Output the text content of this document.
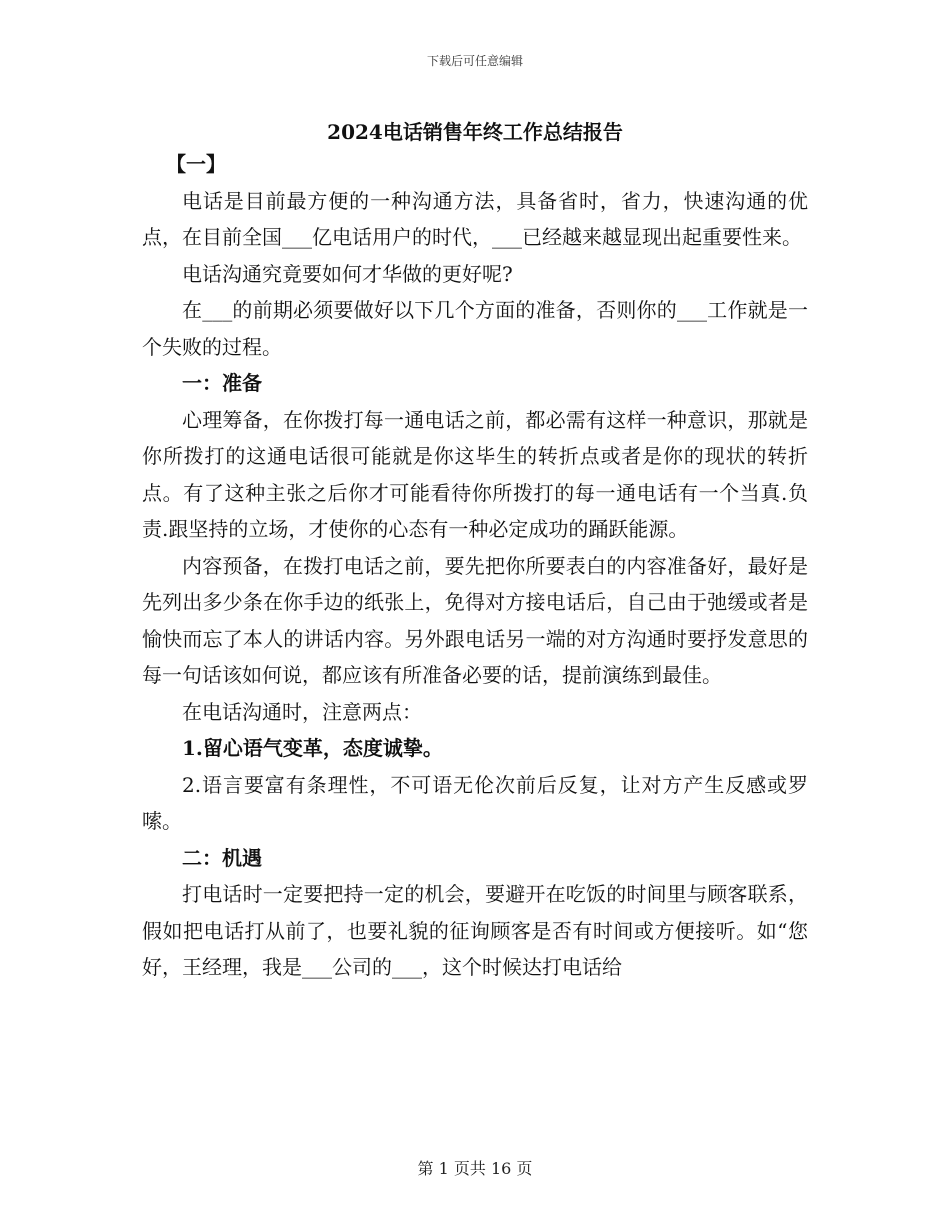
下载后可任意编辑
2024电话销售年终工作总结报告

【一】

电话是目前最方便的一种沟通方法，具备省时，省力，快速沟通的优点，在目前全国___亿电话用户的时代，___已经越来越显现出起重要性来。

电话沟通究竟要如何才华做的更好呢?

在___的前期必须要做好以下几个方面的准备，否则你的___工作就是一个失败的过程。

一：准备

心理筹备，在你拨打每一通电话之前，都必需有这样一种意识，那就是你所拨打的这通电话很可能就是你这毕生的转折点或者是你的现状的转折点。有了这种主张之后你才可能看待你所拨打的每一通电话有一个当真.负责.跟坚持的立场，才使你的心态有一种必定成功的踊跃能源。

内容预备，在拨打电话之前，要先把你所要表白的内容准备好，最好是先列出多少条在你手边的纸张上，免得对方接电话后，自己由于弛缓或者是愉快而忘了本人的讲话内容。另外跟电话另一端的对方沟通时要抒发意思的每一句话该如何说，都应该有所准备必要的话，提前演练到最佳。

在电话沟通时，注意两点：

1.留心语气变革，态度诚挚。

2.语言要富有条理性，不可语无伦次前后反复，让对方产生反感或罗嗦。

二：机遇

打电话时一定要把持一定的机会，要避开在吃饭的时间里与顾客联系，假如把电话打从前了，也要礼貌的征询顾客是否有时间或方便接听。如“您好，王经理，我是___公司的___，这个时候达打电话给

第 1 页共 16 页
